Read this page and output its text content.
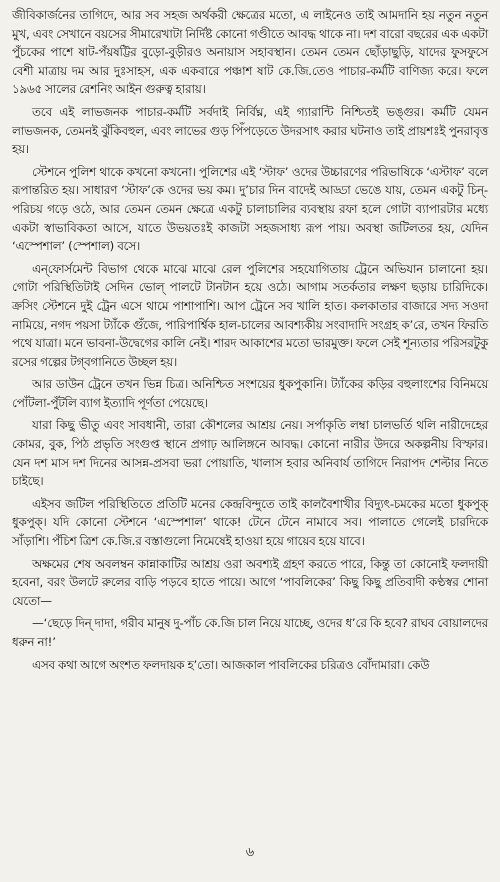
জীবিকার্জনের তাগিদে, আর সব সহজ অর্থকরী ক্ষেত্রের মতো, এ লাইনেও তাই আমদানি হয় নতুন নতুন মুখ, এবং সেখানে বয়সের সীমারেখাটা নির্দিষ্ট কোনো গণ্ডীতে আবদ্ধ থাকে না। দশ বারো বছরের এক একটা পুঁচকের পাশে ষাট-পঁয়ষট্টির বুড়ো-বুড়ীরও অনায়াস সহাবস্থান। তেমন তেমন ছোঁড়াছুড়ি, যাদের ফুসফুসে বেশী মাত্রায় দম আর দুঃসাহস, এক একবারে পঞ্চাশ ষাট কে.জি.তেও পাচার-কর্মটি বাণিজ্য করে। ফলে ১৯৬৫ সালের রেশনিং আইন গুরুত্ব হারায়।

তবে এই লাভজনক পাচার-কর্মটি সর্বদাই নির্বিঘ্ন, এই গ্যারান্টি নিশ্চিতই ভঙ্গুর। কর্মটি যেমন লাভজনক, তেমনই ঝুঁকিবহুল, এবং লাভের গুড় পিঁপড়েতে উদরসাৎ করার ঘটনাও তাই প্রায়শঃই পুনরাবৃত্ত হয়।

স্টেশনে পুলিশ থাকে কখনো কখনো। পুলিশের এই ‘স্টাফ’ ওদের উচ্চারণের পরিভাষিকে ‘এস্টাফ’ বলে রূপান্তরিত হয়। সাধারণ ‘স্টাফ’কে ওদের ভয় কম। দু’চার দিন বাদেই আড্ডা ভেঙে যায়, তেমন একটু চিন্-পরিচয় গড়ে ওঠে, আর তেমন তেমন ক্ষেত্রে একটু চালাচালির ব্যবস্থায় রফা হলে গোটা ব্যাপারটার মধ্যে একটা স্বাভাবিকতা আসে, যাতে উভয়তঃই কাজটা সহজসাধ্য রূপ পায়। অবস্থা জটিলতর হয়, যেদিন ‘এস্পেশাল’ (স্পেশাল) বসে।

এন্‌ফোর্সমেন্ট বিভাগ থেকে মাঝে মাঝে রেল পুলিশের সহযোগিতায় ট্রেনে অভিযান চালানো হয়। গোটা পরিস্থিতিটাই সেদিন ভোল্ পালটে টানটান হয়ে ওঠে। আগাম সতর্কতার লক্ষণ ছড়ায় চারিদিকে। ক্রসিং স্টেশনে দুই ট্রেন এসে থামে পাশাপাশি। আপ ট্রেনে সব খালি হাত। কলকাতার বাজারে সদ্য সওদা নামিয়ে, নগদ পয়সা ট্যাঁকে গুঁজে, পারিপার্শ্বিক হাল-চালের আবশ্যকীয় সংবাদাদি সংগ্রহ ক’রে, তখন ফিরতি পথে যাত্রা। মনে ভাবনা-উদ্বেগের কালি নেই। শারদ আকাশের মতো ভারমুক্ত। ফলে সেই শূন্যতার পরিসরটুকু রসের গল্পের টগ্‌বগানিতে উচ্ছল হয়।

আর ডাউন ট্রেনে তখন ভিন্ন চিত্র। অনিশ্চিত সংশয়ের ধুকপুকানি। ট্যাঁকের কড়ির বহুলাংশের বিনিময়ে পোঁটলা-পুঁটলি ব্যাগ ইত্যাদি পূর্ণতা পেয়েছে।

যারা কিছু ভীতু এবং সাবধানী, তারা কৌশলের আশ্রয় নেয়। সর্পাকৃতি লম্বা চালভর্তি থলি নারীদেহের কোমর, বুক, পিঠ প্রভৃতি সংগুপ্ত স্থানে প্রগাঢ় আলিঙ্গনে আবদ্ধ। কোনো নারীর উদরে অকল্পনীয় বিস্ফার। যেন দশ মাস দশ দিনের আসন্ন-প্রসবা ভরা পোয়াতি, খালাস হবার অনিবার্য তাগিদে নিরাপদ শেল্টার নিতে চাইছে।

এইসব জটিল পরিস্থিতিতে প্রতিটি মনের কেন্দ্রবিন্দুতে তাই কালবৈশাখীর বিদ্যুৎ-চমকের মতো ধুকপুক্ ধুকপুক্। যদি কোনো স্টেশনে ‘এস্পেশাল’ থাকে! টেনে টেনে নামাবে সব। পালাতে গেলেই চারদিকে সাঁড়াশি। পঁচিশ ত্রিশ কে.জি.র বস্তাগুলো নিমেষেই হাওয়া হয়ে গায়েব হয়ে যাবে।

অক্ষমের শেষ অবলম্বন কান্নাকাটির আশ্রয় ওরা অবশ্যই গ্রহণ করতে পারে, কিন্তু তা কোনোই ফলদায়ী হবেনা, বরং উলটে রুলের বাড়ি পড়বে হাতে পায়ে। আগে ‘পাবলিকের’ কিছু কিছু প্রতিবাদী কণ্ঠস্বর শোনা যেতো—

—‘ছেড়ে দিন্ দাদা, গরীব মানুষ দু-পাঁচ কে.জি চাল নিয়ে যাচ্ছে, ওদের ধ’রে কি হবে? রাঘব বোয়ালদের ধরুন না!’

এসব কথা আগে অংশত ফলদায়ক হ’তো। আজকাল পাবলিকের চরিত্রও বোঁদামারা। কেউ

৬
